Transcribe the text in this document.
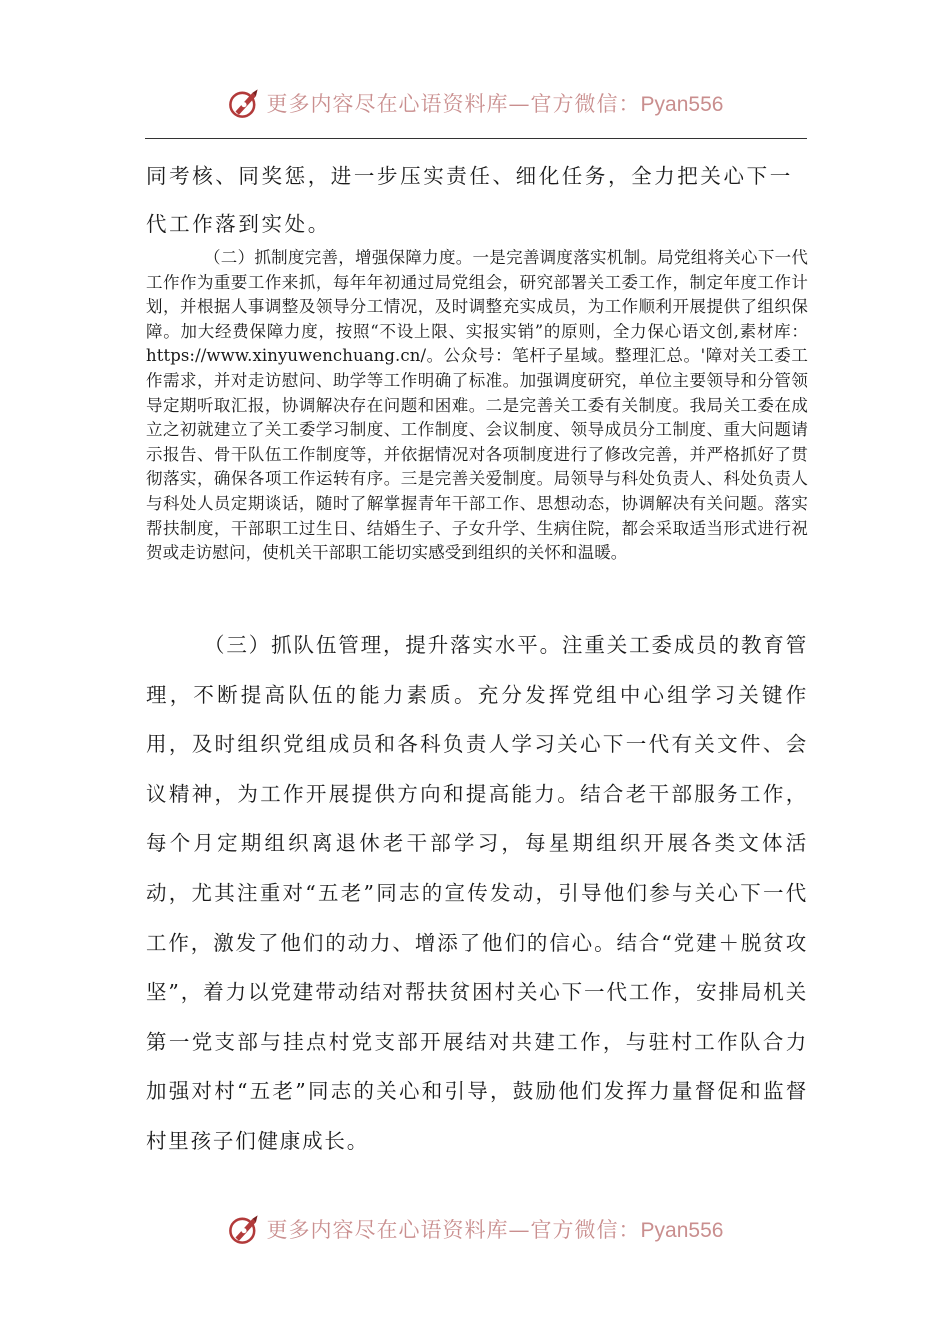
更多内容尽在心语资料库—官方微信：Pyan556

同考核、同奖惩，进一步压实责任、细化任务，全力把关心下一代工作落到实处。

（二）抓制度完善，增强保障力度。一是完善调度落实机制。局党组将关心下一代工作作为重要工作来抓，每年年初通过局党组会，研究部署关工委工作，制定年度工作计划，并根据人事调整及领导分工情况，及时调整充实成员，为工作顺利开展提供了组织保障。加大经费保障力度，按照“不设上限、实报实销”的原则，全力保心语文创,素材库：https://www.xinyuwenchuang.cn/。公众号：笔杆子星域。整理汇总。'障对关工委工作需求，并对走访慰问、助学等工作明确了标准。加强调度研究，单位主要领导和分管领导定期听取汇报，协调解决存在问题和困难。二是完善关工委有关制度。我局关工委在成立之初就建立了关工委学习制度、工作制度、会议制度、领导成员分工制度、重大问题请示报告、骨干队伍工作制度等，并依据情况对各项制度进行了修改完善，并严格抓好了贯彻落实，确保各项工作运转有序。三是完善关爱制度。局领导与科处负责人、科处负责人与科处人员定期谈话，随时了解掌握青年干部工作、思想动态，协调解决有关问题。落实帮扶制度，干部职工过生日、结婚生子、子女升学、生病住院，都会采取适当形式进行祝贺或走访慰问，使机关干部职工能切实感受到组织的关怀和温暖。

（三）抓队伍管理，提升落实水平。注重关工委成员的教育管理，不断提高队伍的能力素质。充分发挥党组中心组学习关键作用，及时组织党组成员和各科负责人学习关心下一代有关文件、会议精神，为工作开展提供方向和提高能力。结合老干部服务工作，每个月定期组织离退休老干部学习，每星期组织开展各类文体活动，尤其注重对“五老”同志的宣传发动，引导他们参与关心下一代工作，激发了他们的动力、增添了他们的信心。结合“党建＋脱贫攻坚”，着力以党建带动结对帮扶贫困村关心下一代工作，安排局机关第一党支部与挂点村党支部开展结对共建工作，与驻村工作队合力加强对村“五老”同志的关心和引导，鼓励他们发挥力量督促和监督村里孩子们健康成长。

更多内容尽在心语资料库—官方微信：Pyan556
